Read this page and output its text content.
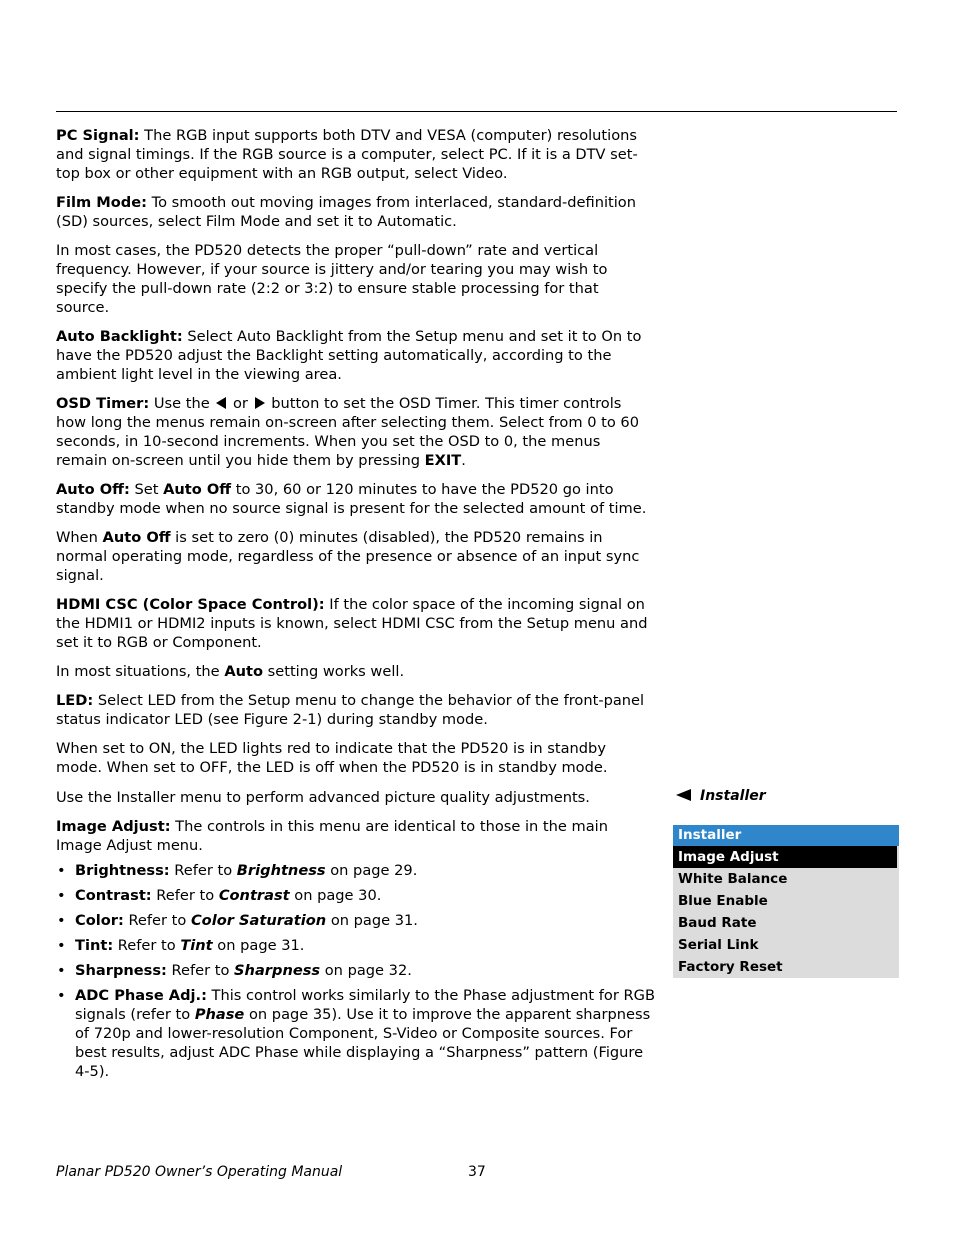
PC Signal: The RGB input supports both DTV and VESA (computer) resolutions and signal timings. If the RGB source is a computer, select PC. If it is a DTV set-top box or other equipment with an RGB output, select Video.

Film Mode: To smooth out moving images from interlaced, standard-definition (SD) sources, select Film Mode and set it to Automatic.

In most cases, the PD520 detects the proper “pull-down” rate and vertical frequency. However, if your source is jittery and/or tearing you may wish to specify the pull-down rate (2:2 or 3:2) to ensure stable processing for that source.

Auto Backlight: Select Auto Backlight from the Setup menu and set it to On to have the PD520 adjust the Backlight setting automatically, according to the ambient light level in the viewing area.

OSD Timer: Use the  or  button to set the OSD Timer. This timer controls how long the menus remain on-screen after selecting them. Select from 0 to 60 seconds, in 10-second increments. When you set the OSD to 0, the menus remain on-screen until you hide them by pressing EXIT.

Auto Off: Set Auto Off to 30, 60 or 120 minutes to have the PD520 go into standby mode when no source signal is present for the selected amount of time.

When Auto Off is set to zero (0) minutes (disabled), the PD520 remains in normal operating mode, regardless of the presence or absence of an input sync signal.

HDMI CSC (Color Space Control): If the color space of the incoming signal on the HDMI1 or HDMI2 inputs is known, select HDMI CSC from the Setup menu and set it to RGB or Component.

In most situations, the Auto setting works well.

LED: Select LED from the Setup menu to change the behavior of the front-panel status indicator LED (see Figure 2-1) during standby mode.

When set to ON, the LED lights red to indicate that the PD520 is in standby mode. When set to OFF, the LED is off when the PD520 is in standby mode.

Use the Installer menu to perform advanced picture quality adjustments.

Image Adjust: The controls in this menu are identical to those in the main Image Adjust menu.

• Brightness: Refer to Brightness on page 29.
• Contrast: Refer to Contrast on page 30.
• Color: Refer to Color Saturation on page 31.
• Tint: Refer to Tint on page 31.
• Sharpness: Refer to Sharpness on page 32.
• ADC Phase Adj.: This control works similarly to the Phase adjustment for RGB signals (refer to Phase on page 35). Use it to improve the apparent sharpness of 720p and lower-resolution Component, S-Video or Composite sources. For best results, adjust ADC Phase while displaying a “Sharpness” pattern (Figure 4-5).
Installer
Installer
Image Adjust
White Balance
Blue Enable
Baud Rate
Serial Link
Factory Reset
Planar PD520 Owner’s Operating Manual	37
